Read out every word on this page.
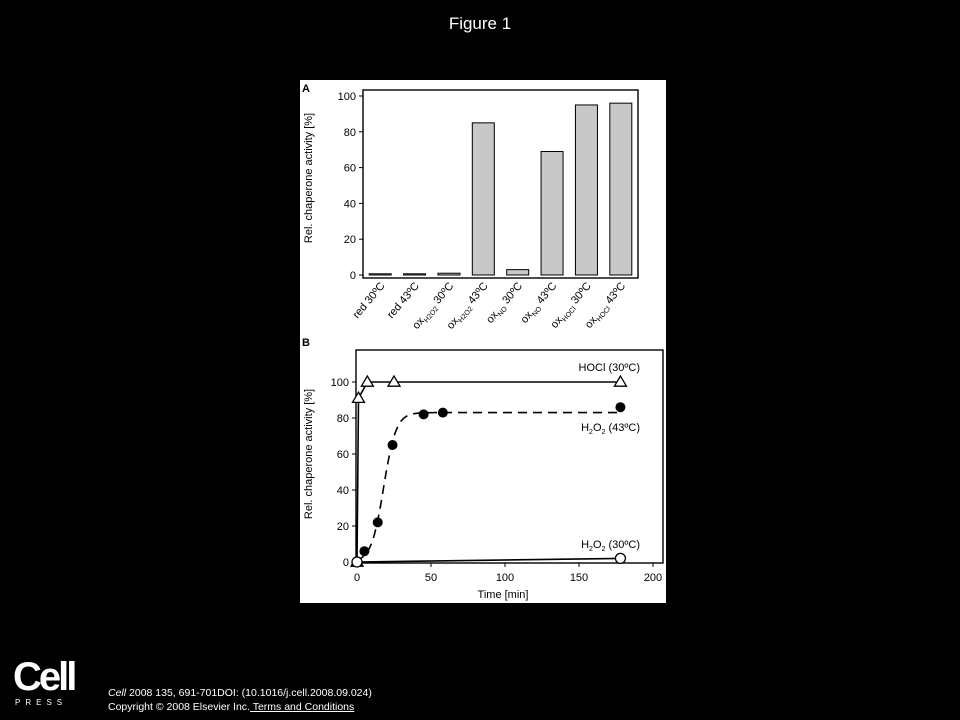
Figure 1
A
Rel. chaperone activity [%]
0
20
40
60
80
100
red 30ºC
red 43ºC
$ox_{H2O2}$ 30ºC
$ox_{H2O2}$ 43ºC
$ox_{NO}$ 30ºC
$ox_{NO}$ 43ºC
$ox_{HOCl}$ 30ºC
$ox_{HOCl}$ 43ºC
B
Rel. chaperone activity [%]
0
20
40
60
80
100
0	50	100	150	200
Time [min]
HOCl (30ºC)
$H_2O_2$ (43ºC)
$H_2O_2$ (30ºC)
Cell
PRESS
Cell 2008 135, 691-701DOI: (10.1016/j.cell.2008.09.024)
Copyright © 2008 Elsevier Inc. Terms and Conditions
